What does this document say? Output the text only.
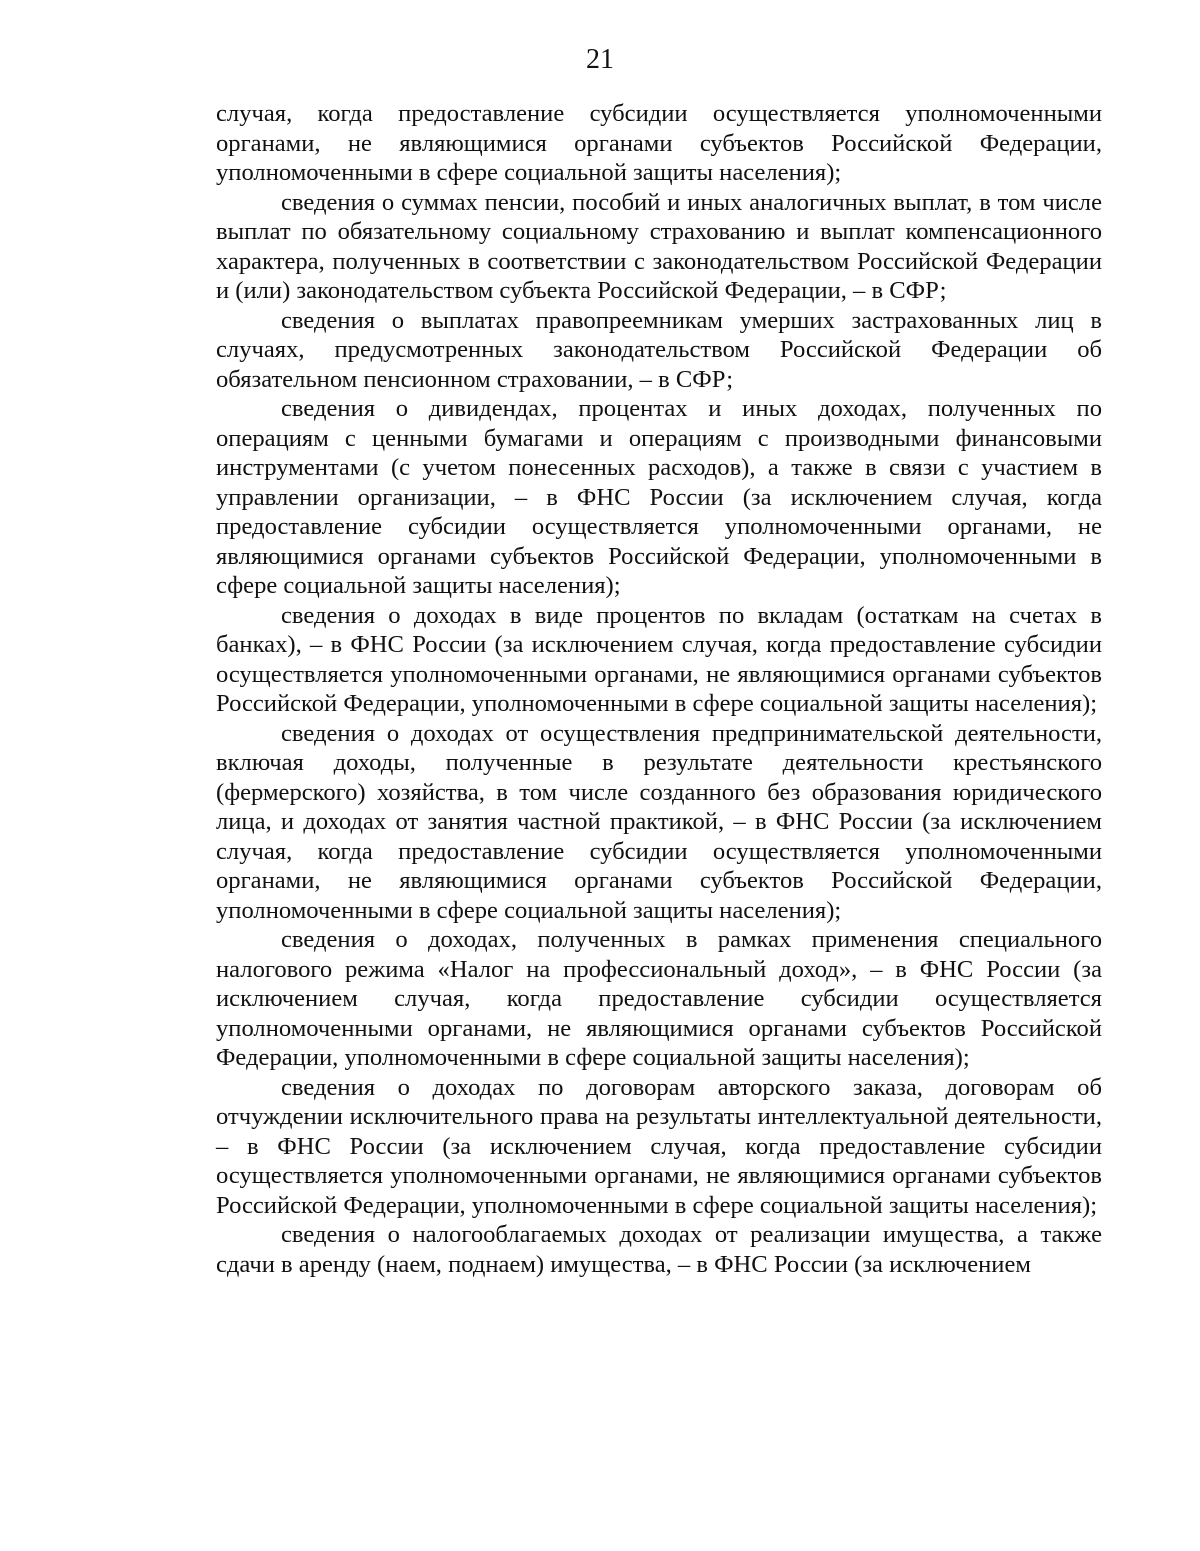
21

случая, когда предоставление субсидии осуществляется уполномоченными органами, не являющимися органами субъектов Российской Федерации, уполномоченными в сфере социальной защиты населения);

сведения о суммах пенсии, пособий и иных аналогичных выплат, в том числе выплат по обязательному социальному страхованию и выплат компенсационного характера, полученных в соответствии с законодательством Российской Федерации и (или) законодательством субъекта Российской Федерации, – в СФР;

сведения о выплатах правопреемникам умерших застрахованных лиц в случаях, предусмотренных законодательством Российской Федерации об обязательном пенсионном страховании, – в СФР;

сведения о дивидендах, процентах и иных доходах, полученных по операциям с ценными бумагами и операциям с производными финансовыми инструментами (с учетом понесенных расходов), а также в связи с участием в управлении организации, – в ФНС России (за исключением случая, когда предоставление субсидии осуществляется уполномоченными органами, не являющимися органами субъектов Российской Федерации, уполномоченными в сфере социальной защиты населения);

сведения о доходах в виде процентов по вкладам (остаткам на счетах в банках), – в ФНС России (за исключением случая, когда предоставление субсидии осуществляется уполномоченными органами, не являющимися органами субъектов Российской Федерации, уполномоченными в сфере социальной защиты населения);

сведения о доходах от осуществления предпринимательской деятельности, включая доходы, полученные в результате деятельности крестьянского (фермерского) хозяйства, в том числе созданного без образования юридического лица, и доходах от занятия частной практикой, – в ФНС России (за исключением случая, когда предоставление субсидии осуществляется уполномоченными органами, не являющимися органами субъектов Российской Федерации, уполномоченными в сфере социальной защиты населения);

сведения о доходах, полученных в рамках применения специального налогового режима «Налог на профессиональный доход», – в ФНС России (за исключением случая, когда предоставление субсидии осуществляется уполномоченными органами, не являющимися органами субъектов Российской Федерации, уполномоченными в сфере социальной защиты населения);

сведения о доходах по договорам авторского заказа, договорам об отчуждении исключительного права на результаты интеллектуальной деятельности, – в ФНС России (за исключением случая, когда предоставление субсидии осуществляется уполномоченными органами, не являющимися органами субъектов Российской Федерации, уполномоченными в сфере социальной защиты населения);

сведения о налогооблагаемых доходах от реализации имущества, а также сдачи в аренду (наем, поднаем) имущества, – в ФНС России (за исключением
